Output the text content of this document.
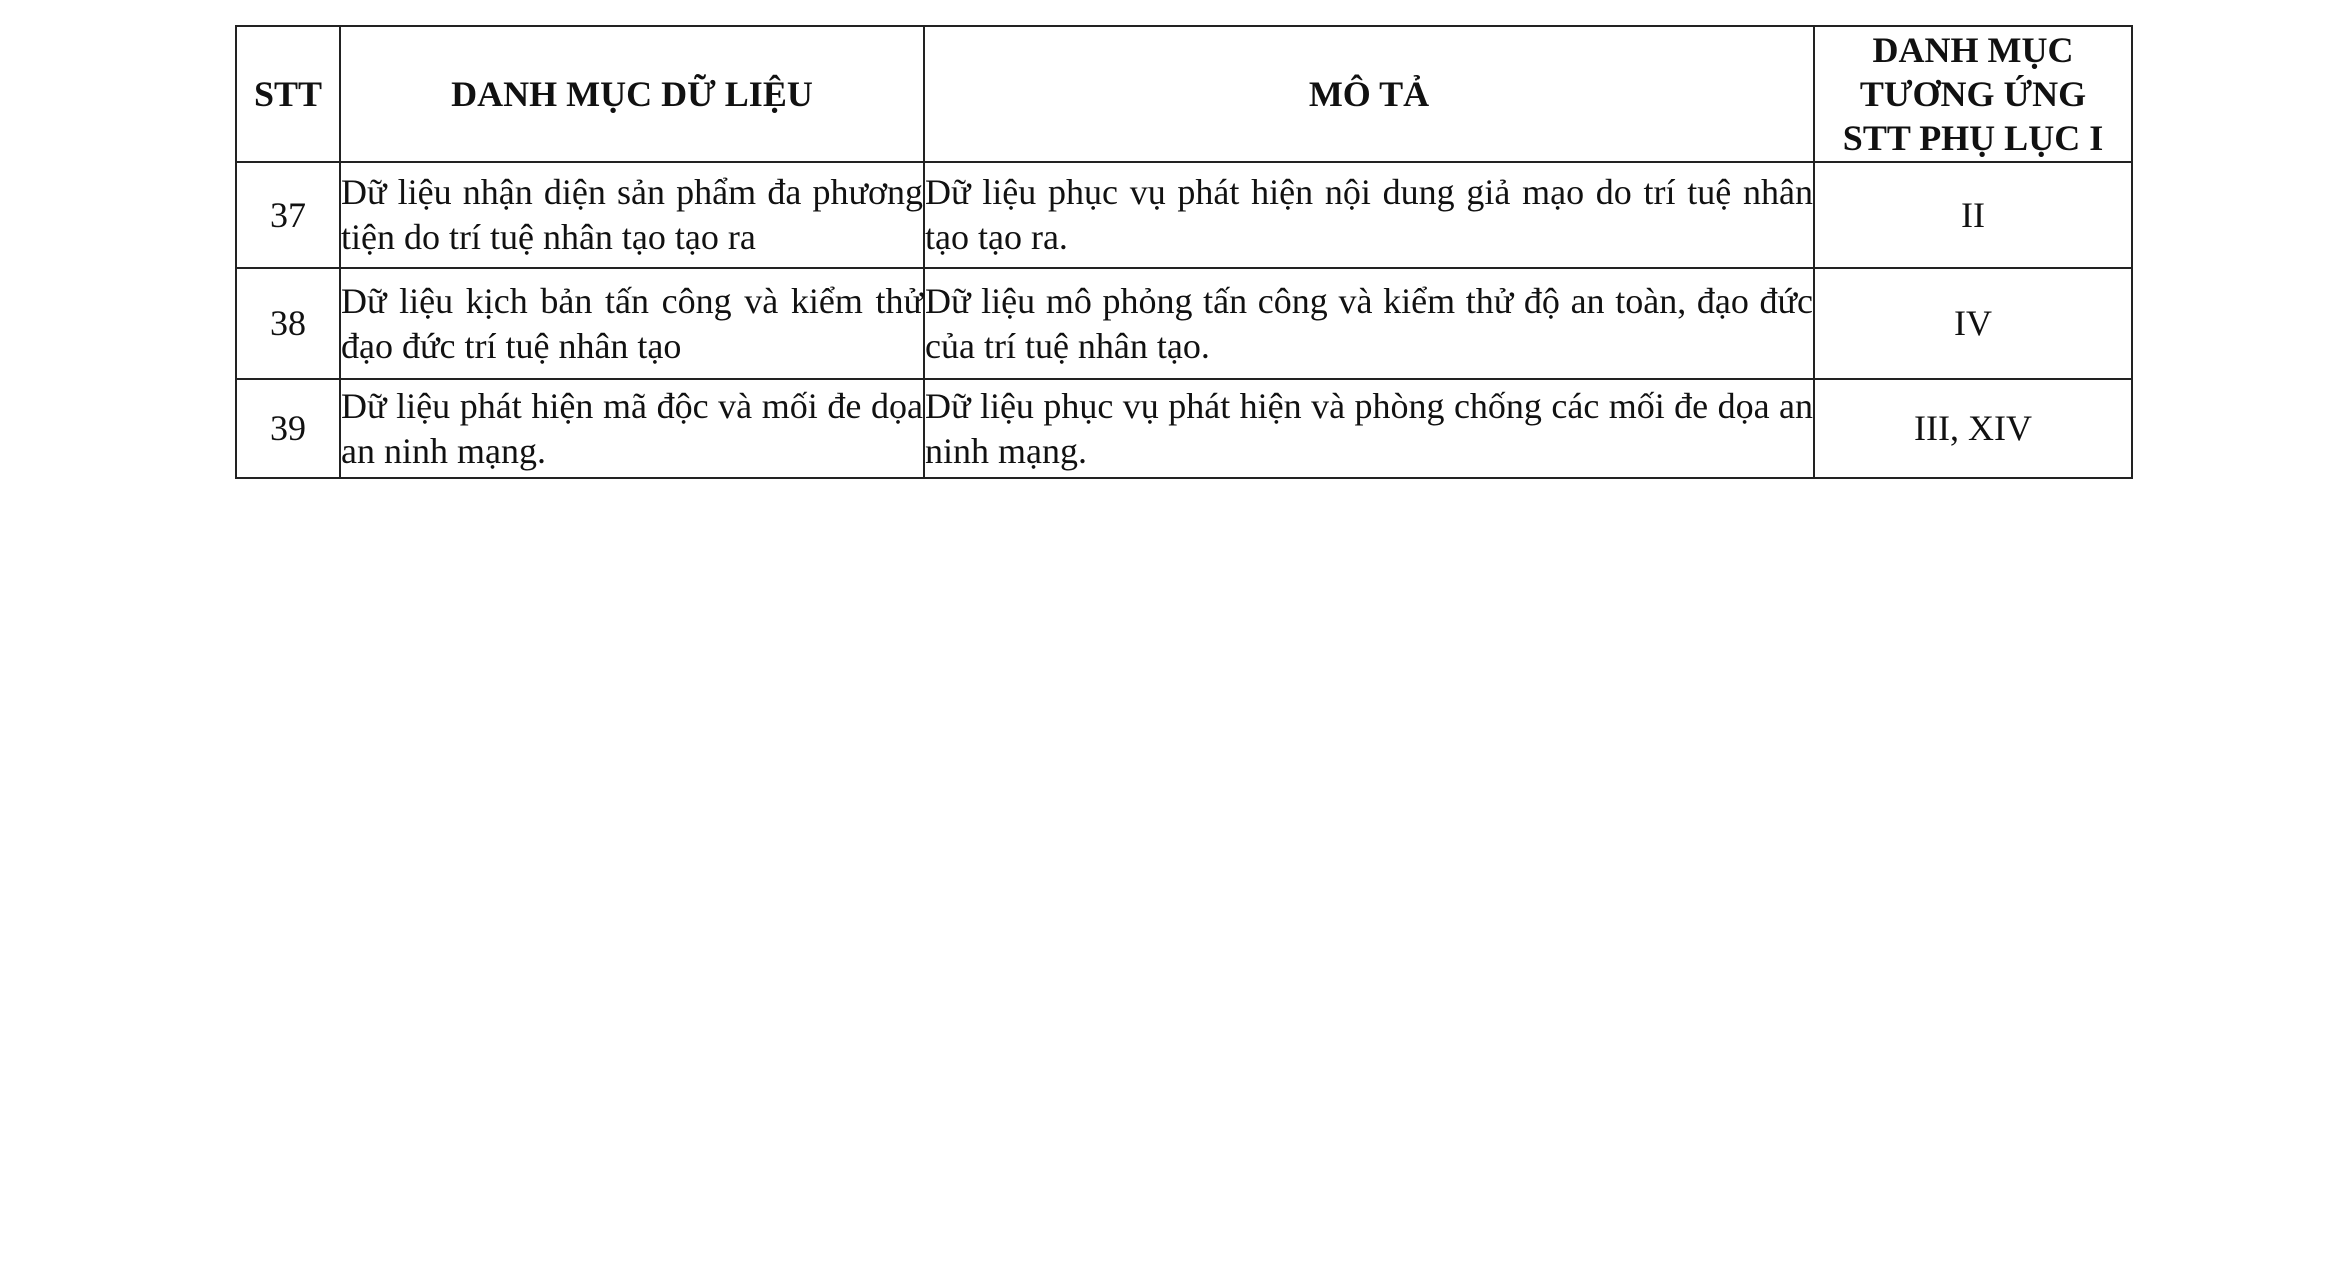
STT	DANH MỤC DỮ LIỆU	MÔ TẢ	DANH MỤC
TƯƠNG ỨNG
STT PHỤ LỤC I
37	Dữ liệu nhận diện sản phẩm đa phương tiện do trí tuệ nhân tạo tạo ra	Dữ liệu phục vụ phát hiện nội dung giả mạo do trí tuệ nhân tạo tạo ra.	II
38	Dữ liệu kịch bản tấn công và kiểm thử đạo đức trí tuệ nhân tạo	Dữ liệu mô phỏng tấn công và kiểm thử độ an toàn, đạo đức của trí tuệ nhân tạo.	IV
39	Dữ liệu phát hiện mã độc và mối đe dọa an ninh mạng.	Dữ liệu phục vụ phát hiện và phòng chống các mối đe dọa an ninh mạng.	III, XIV
